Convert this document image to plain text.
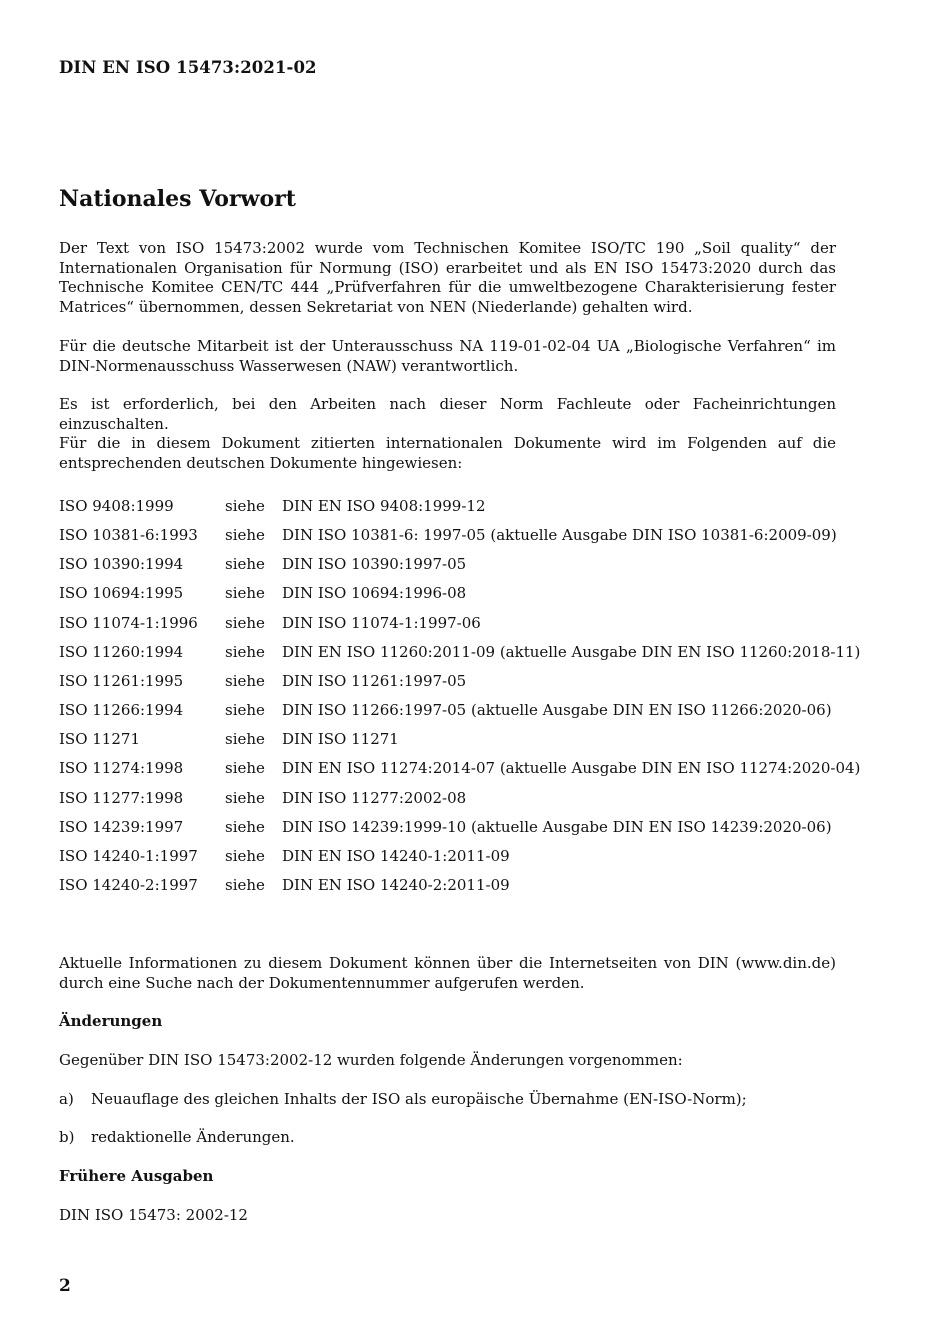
DIN EN ISO 15473:2021-02
Nationales Vorwort
Der Text von ISO 15473:2002 wurde vom Technischen Komitee ISO/TC 190 „Soil quality“ der Internationalen Organisation für Normung (ISO) erarbeitet und als EN ISO 15473:2020 durch das Technische Komitee CEN/TC 444 „Prüfverfahren für die umweltbezogene Charakterisierung fester Matrices“ übernommen, dessen Sekretariat von NEN (Niederlande) gehalten wird.
Für die deutsche Mitarbeit ist der Unterausschuss NA 119-01-02-04 UA „Biologische Verfahren“ im DIN-Normenausschuss Wasserwesen (NAW) verantwortlich.
Es ist erforderlich, bei den Arbeiten nach dieser Norm Fachleute oder Facheinrichtungen einzuschalten.
Für die in diesem Dokument zitierten internationalen Dokumente wird im Folgenden auf die entsprechenden deutschen Dokumente hingewiesen:
ISO 9408:1999	siehe DIN EN ISO 9408:1999-12
ISO 10381-6:1993 siehe DIN ISO 10381-6: 1997-05 (aktuelle Ausgabe DIN ISO 10381-6:2009-09)
ISO 10390:1994	siehe DIN ISO 10390:1997-05
ISO 10694:1995	siehe DIN ISO 10694:1996-08
ISO 11074-1:1996 siehe DIN ISO 11074-1:1997-06
ISO 11260:1994	siehe DIN EN ISO 11260:2011-09 (aktuelle Ausgabe DIN EN ISO 11260:2018-11)
ISO 11261:1995	siehe DIN ISO 11261:1997-05
ISO 11266:1994	siehe DIN ISO 11266:1997-05 (aktuelle Ausgabe DIN EN ISO 11266:2020-06)
ISO 11271	siehe DIN ISO 11271
ISO 11274:1998	siehe DIN EN ISO 11274:2014-07 (aktuelle Ausgabe DIN EN ISO 11274:2020-04)
ISO 11277:1998	siehe DIN ISO 11277:2002-08
ISO 14239:1997	siehe DIN ISO 14239:1999-10 (aktuelle Ausgabe DIN EN ISO 14239:2020-06)
ISO 14240-1:1997 siehe DIN EN ISO 14240-1:2011-09
ISO 14240-2:1997 siehe DIN EN ISO 14240-2:2011-09
Aktuelle Informationen zu diesem Dokument können über die Internetseiten von DIN (www.din.de) durch eine Suche nach der Dokumentennummer aufgerufen werden.
Änderungen
Gegenüber DIN ISO 15473:2002-12 wurden folgende Änderungen vorgenommen:
a) Neuauflage des gleichen Inhalts der ISO als europäische Übernahme (EN-ISO-Norm);
b) redaktionelle Änderungen.
Frühere Ausgaben
DIN ISO 15473: 2002-12
2
